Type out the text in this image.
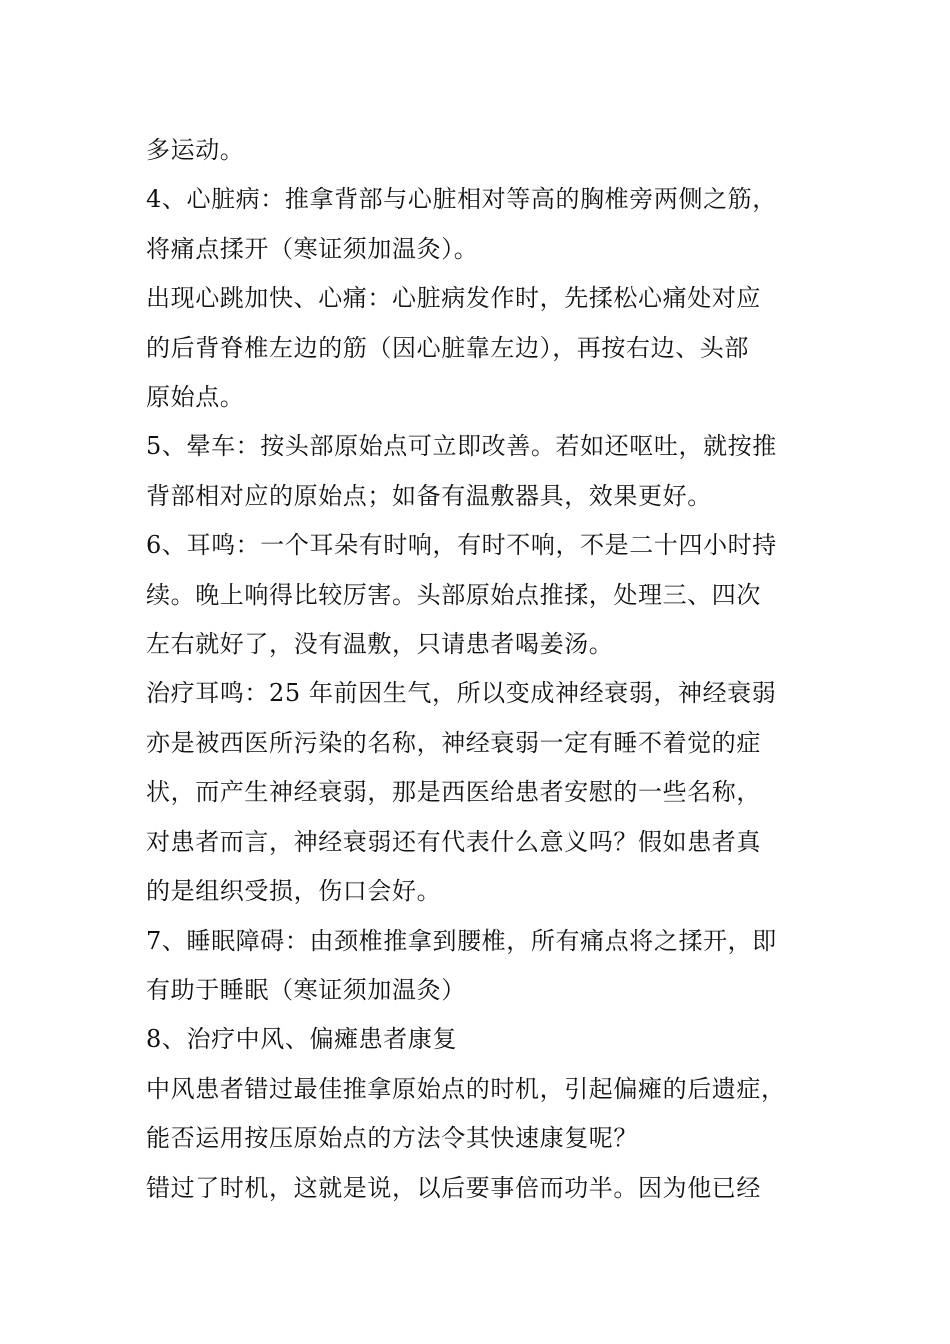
多运动。
4、心脏病：推拿背部与心脏相对等高的胸椎旁两侧之筋，
将痛点揉开（寒证须加温灸）。
出现心跳加快、心痛：心脏病发作时，先揉松心痛处对应
的后背脊椎左边的筋（因心脏靠左边），再按右边、头部
原始点。
5、晕车：按头部原始点可立即改善。若如还呕吐，就按推
背部相对应的原始点；如备有温敷器具，效果更好。
6、耳鸣：一个耳朵有时响，有时不响，不是二十四小时持
续。晚上响得比较厉害。头部原始点推揉，处理三、四次
左右就好了，没有温敷，只请患者喝姜汤。
治疗耳鸣：25 年前因生气，所以变成神经衰弱，神经衰弱
亦是被西医所污染的名称，神经衰弱一定有睡不着觉的症
状，而产生神经衰弱，那是西医给患者安慰的一些名称，
对患者而言，神经衰弱还有代表什么意义吗？假如患者真
的是组织受损，伤口会好。
7、睡眠障碍：由颈椎推拿到腰椎，所有痛点将之揉开，即
有助于睡眠（寒证须加温灸）
8、治疗中风、偏瘫患者康复
中风患者错过最佳推拿原始点的时机，引起偏瘫的后遗症，
能否运用按压原始点的方法令其快速康复呢？
错过了时机，这就是说，以后要事倍而功半。因为他已经
